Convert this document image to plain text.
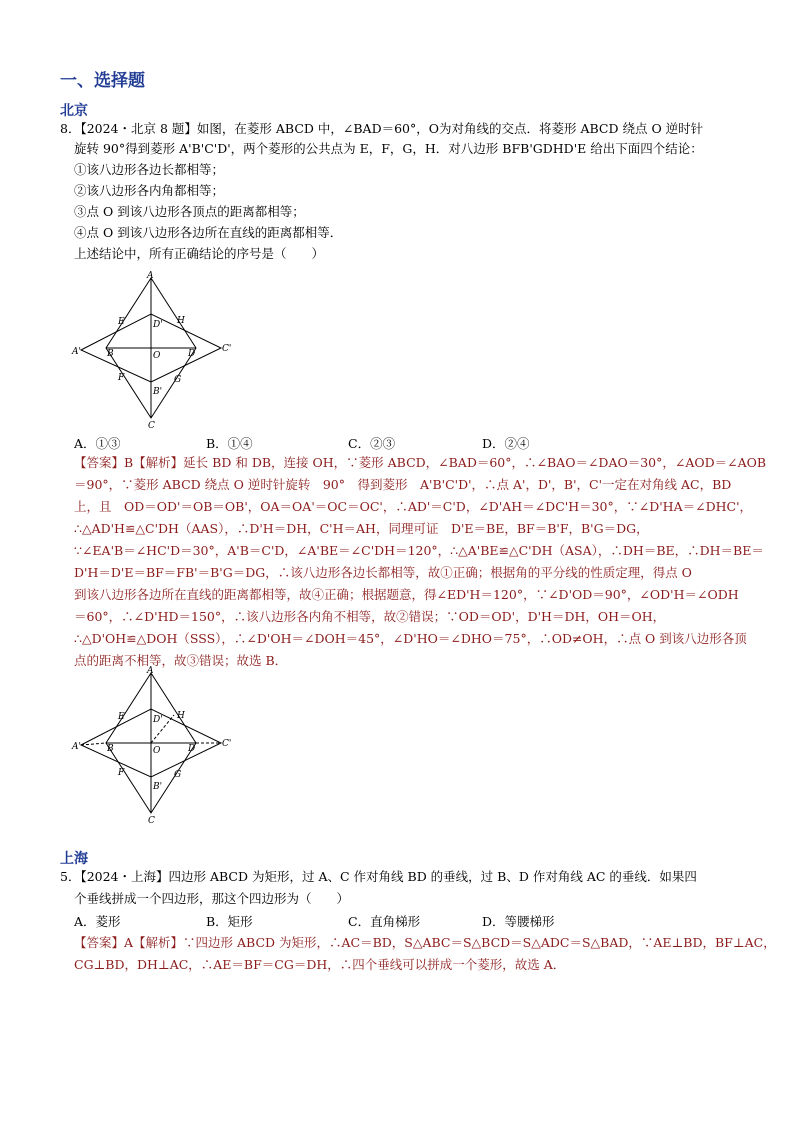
一、选择题
北京
8．【2024・北京 8 题】如图，在菱形 ABCD 中，∠BAD＝60°，O为对角线的交点．将菱形 ABCD 绕点 O 逆时针
旋转 90°得到菱形 A'B'C'D'，两个菱形的公共点为 E，F，G，H．对八边形 BFB'GDHD'E 给出下面四个结论：
①该八边形各边长都相等；
②该八边形各内角都相等；
③点 O 到该八边形各顶点的距离都相等；
④点 O 到该八边形各边所在直线的距离都相等．
上述结论中，所有正确结论的序号是（　　）
A
B
C
D
A'
B'
C'
D'
E
F	G
H
O
A．①③	B．①④	C．②③	D．②④
【答案】B【解析】延长 BD 和 DB，连接 OH，∵菱形 ABCD，∠BAD＝60°，∴∠BAO＝∠DAO＝30°，∠AOD＝∠AOB
＝90°，∵菱形 ABCD 绕点 O 逆时针旋转　90°　得到菱形　A'B'C'D'，∴点 A'，D'，B'，C'一定在对角线 AC，BD
上，且　OD＝OD'＝OB＝OB'，OA＝OA'＝OC＝OC'，∴AD'＝C'D，∠D'AH＝∠DC'H＝30°，∵∠D'HA＝∠DHC'，
∴△AD'H≌△C'DH（AAS），∴D'H＝DH，C'H＝AH，同理可证　D'E＝BE，BF＝B'F，B'G＝DG，
∵∠EA'B＝∠HC'D＝30°，A'B＝C'D，∠A'BE＝∠C'DH＝120°，∴△A'BE≌△C'DH（ASA），∴DH＝BE，∴DH＝BE＝
D'H＝D'E＝BF＝FB'＝B'G＝DG，∴该八边形各边长都相等，故①正确；根据角的平分线的性质定理，得点 O
到该八边形各边所在直线的距离都相等，故④正确；根据题意，得∠ED'H＝120°，∵∠D'OD＝90°，∠OD'H＝∠ODH
＝60°，∴∠D'HD＝150°，∴该八边形各内角不相等，故②错误；∵OD＝OD'，D'H＝DH，OH＝OH，
∴△D'OH≌△DOH（SSS），∴∠D'OH＝∠DOH＝45°，∠D'HO＝∠DHO＝75°，∴OD≠OH，∴点 O 到该八边形各顶
点的距离不相等，故③错误；故选 B．
A
B
C
D
A'
B'
C'
D'
E
F	G
H
O
上海
5．【2024・上海】四边形 ABCD 为矩形，过 A、C 作对角线 BD 的垂线，过 B、D 作对角线 AC 的垂线．如果四
个垂线拼成一个四边形，那这个四边形为（　　）
A．菱形	B．矩形	C．直角梯形	D．等腰梯形
【答案】A【解析】∵四边形 ABCD 为矩形，∴AC＝BD，S△ABC＝S△BCD＝S△ADC＝S△BAD，∵AE⊥BD，BF⊥AC，
CG⊥BD，DH⊥AC，∴AE＝BF＝CG＝DH，∴四个垂线可以拼成一个菱形，故选 A．
